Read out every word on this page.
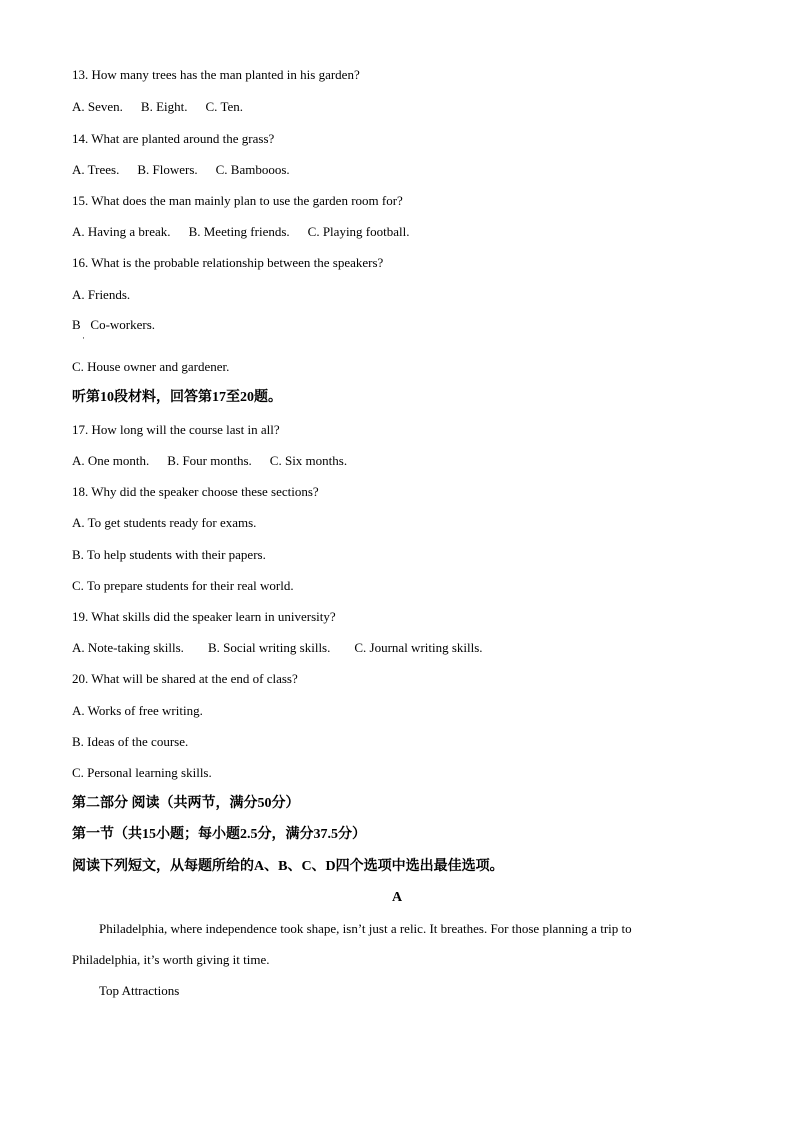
13. How many trees has the man planted in his garden?
A. Seven. B. Eight. C. Ten.
14. What are planted around the grass?
A. Trees. B. Flowers. C. Bambooos.
15. What does the man mainly plan to use the garden room for?
A. Having a break. B. Meeting friends. C. Playing football.
16. What is the probable relationship between the speakers?
A. Friends.
B   Co-workers.
·
C. House owner and gardener.
听第10段材料，回答第17至20题。
17. How long will the course last in all?
A. One month. B. Four months. C. Six months.
18. Why did the speaker choose these sections?
A. To get students ready for exams.
B. To help students with their papers.
C. To prepare students for their real world.
19. What skills did the speaker learn in university?
A. Note-taking skills. B. Social writing skills. C. Journal writing skills.
20. What will be shared at the end of class?
A. Works of free writing.
B. Ideas of the course.
C. Personal learning skills.
第二部分 阅读（共两节，满分50分）
第一节（共15小题；每小题2.5分，满分37.5分）
阅读下列短文，从每题所给的A、B、C、D四个选项中选出最佳选项。
A
Philadelphia, where independence took shape, isn’t just a relic. It breathes. For those planning a trip to
Philadelphia, it’s worth giving it time.
Top Attractions
